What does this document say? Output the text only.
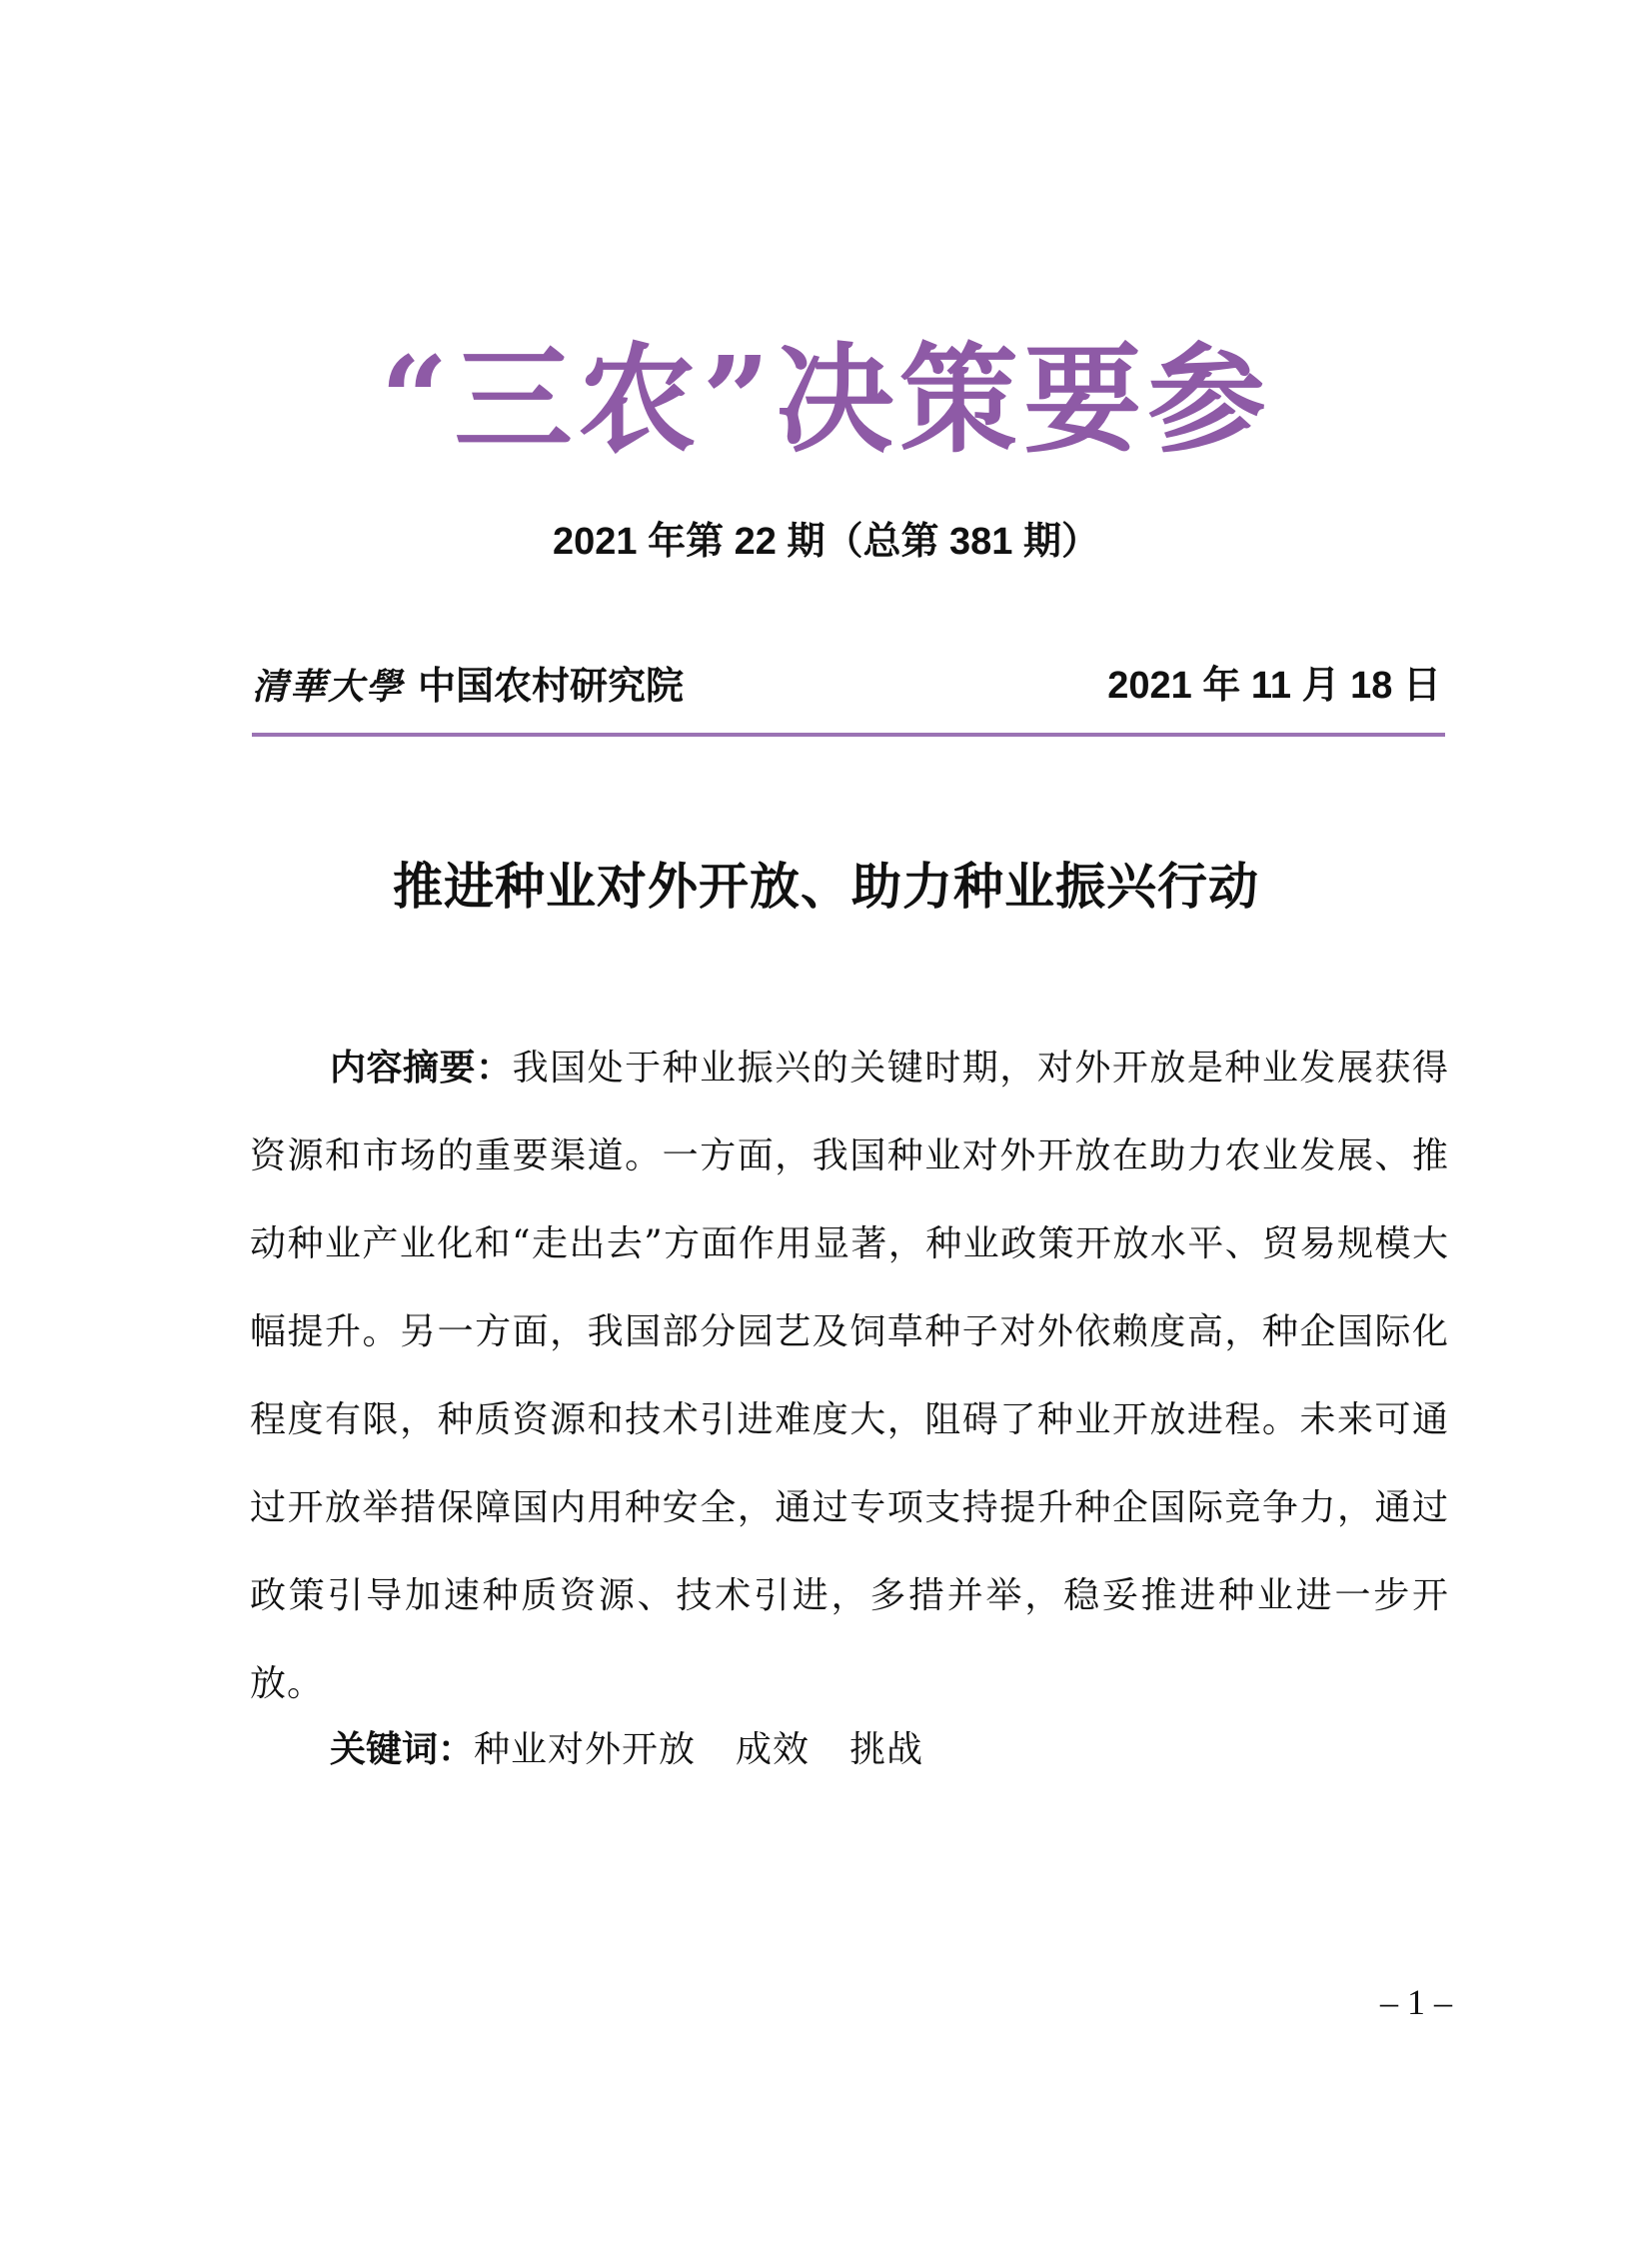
“三农”决策要参
2021 年第 22 期（总第 381 期）
清華大學 中国农村研究院	2021 年 11 月 18 日
推进种业对外开放、助力种业振兴行动

内容摘要：我国处于种业振兴的关键时期，对外开放是种业发展获得资源和市场的重要渠道。一方面，我国种业对外开放在助力农业发展、推动种业产业化和“走出去”方面作用显著，种业政策开放水平、贸易规模大幅提升。另一方面，我国部分园艺及饲草种子对外依赖度高，种企国际化程度有限，种质资源和技术引进难度大，阻碍了种业开放进程。未来可通过开放举措保障国内用种安全，通过专项支持提升种企国际竞争力，通过政策引导加速种质资源、技术引进，多措并举，稳妥推进种业进一步开放。

关键词：种业对外开放 成效 挑战
– 1 –
